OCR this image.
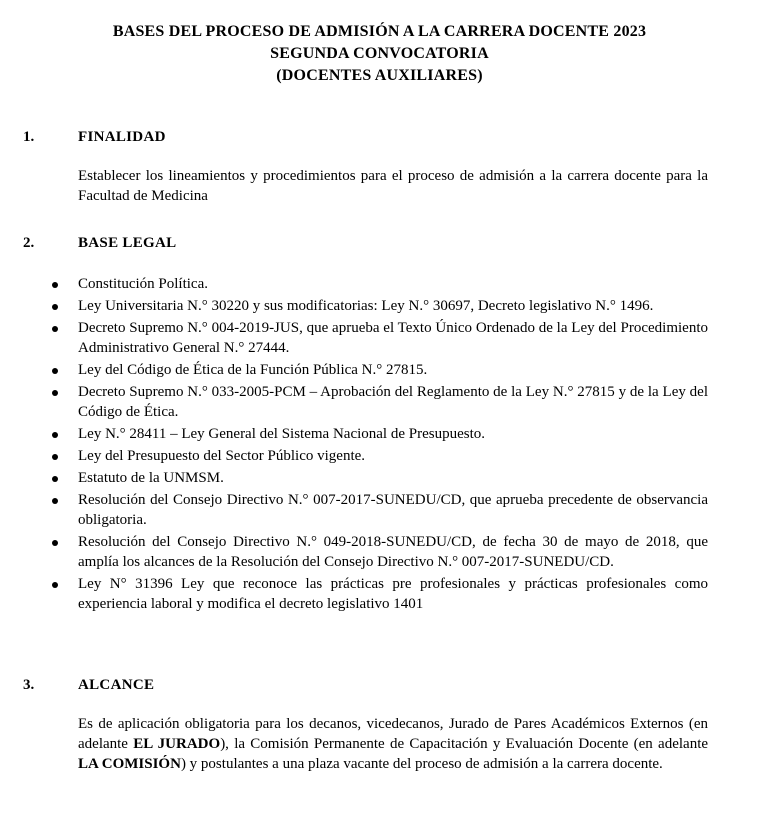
BASES DEL PROCESO DE ADMISIÓN A LA CARRERA DOCENTE 2023
SEGUNDA CONVOCATORIA
(DOCENTES AUXILIARES)
1.	FINALIDAD
Establecer los lineamientos y procedimientos para el proceso de admisión a la carrera docente para la Facultad de Medicina
2.	BASE LEGAL
Constitución Política.
Ley Universitaria N.° 30220 y sus modificatorias: Ley N.° 30697, Decreto legislativo N.° 1496.
Decreto Supremo N.° 004-2019-JUS, que aprueba el Texto Único Ordenado de la Ley del Procedimiento Administrativo General N.° 27444.
Ley del Código de Ética de la Función Pública N.° 27815.
Decreto Supremo N.° 033-2005-PCM – Aprobación del Reglamento de la Ley N.° 27815 y de la Ley del Código de Ética.
Ley N.° 28411 – Ley General del Sistema Nacional de Presupuesto.
Ley del Presupuesto del Sector Público vigente.
Estatuto de la UNMSM.
Resolución del Consejo Directivo N.° 007-2017-SUNEDU/CD, que aprueba precedente de observancia obligatoria.
Resolución del Consejo Directivo N.° 049-2018-SUNEDU/CD, de fecha 30 de mayo de 2018, que amplía los alcances de la Resolución del Consejo Directivo N.° 007-2017-SUNEDU/CD.
Ley N° 31396 Ley que reconoce las prácticas pre profesionales y prácticas profesionales como experiencia laboral y modifica el decreto legislativo 1401
3.	ALCANCE
Es de aplicación obligatoria para los decanos, vicedecanos, Jurado de Pares Académicos Externos (en adelante EL JURADO), la Comisión Permanente de Capacitación y Evaluación Docente (en adelante LA COMISIÓN) y postulantes a una plaza vacante del proceso de admisión a la carrera docente.
